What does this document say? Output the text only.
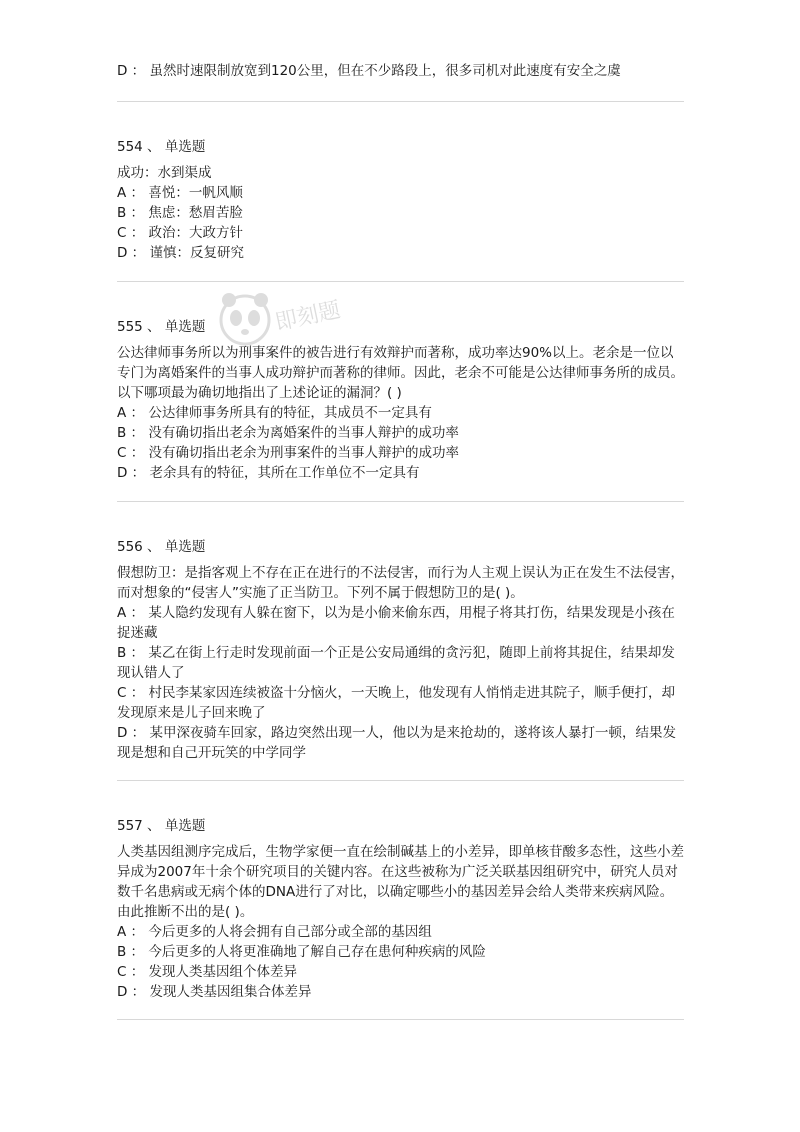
D ： 虽然时速限制放宽到120公里，但在不少路段上，很多司机对此速度有安全之虞
554 、 单选题
成功：水到渠成
A ： 喜悦：一帆风顺
B ： 焦虑：愁眉苦脸
C ： 政治：大政方针
D ： 谨慎：反复研究
555 、 单选题
公达律师事务所以为刑事案件的被告进行有效辩护而著称，成功率达90%以上。老余是一位以专门为离婚案件的当事人成功辩护而著称的律师。因此，老余不可能是公达律师事务所的成员。以下哪项最为确切地指出了上述论证的漏洞？( )
A ： 公达律师事务所具有的特征，其成员不一定具有
B ： 没有确切指出老余为离婚案件的当事人辩护的成功率
C ： 没有确切指出老余为刑事案件的当事人辩护的成功率
D ： 老余具有的特征，其所在工作单位不一定具有
556 、 单选题
假想防卫：是指客观上不存在正在进行的不法侵害，而行为人主观上误认为正在发生不法侵害，而对想象的“侵害人”实施了正当防卫。下列不属于假想防卫的是( )。
A ： 某人隐约发现有人躲在窗下，以为是小偷来偷东西，用棍子将其打伤，结果发现是小孩在捉迷藏
B ： 某乙在街上行走时发现前面一个正是公安局通缉的贪污犯，随即上前将其捉住，结果却发现认错人了
C ： 村民李某家因连续被盗十分恼火，一天晚上，他发现有人悄悄走进其院子，顺手便打，却发现原来是儿子回来晚了
D ： 某甲深夜骑车回家，路边突然出现一人，他以为是来抢劫的，遂将该人暴打一顿，结果发现是想和自己开玩笑的中学同学
557 、 单选题
人类基因组测序完成后，生物学家便一直在绘制碱基上的小差异，即单核苷酸多态性，这些小差异成为2007年十余个研究项目的关键内容。在这些被称为广泛关联基因组研究中，研究人员对数千名患病或无病个体的DNA进行了对比，以确定哪些小的基因差异会给人类带来疾病风险。由此推断不出的是( )。
A ： 今后更多的人将会拥有自己部分或全部的基因组
B ： 今后更多的人将更准确地了解自己存在患何种疾病的风险
C ： 发现人类基因组个体差异
D ： 发现人类基因组集合体差异
即刻题
